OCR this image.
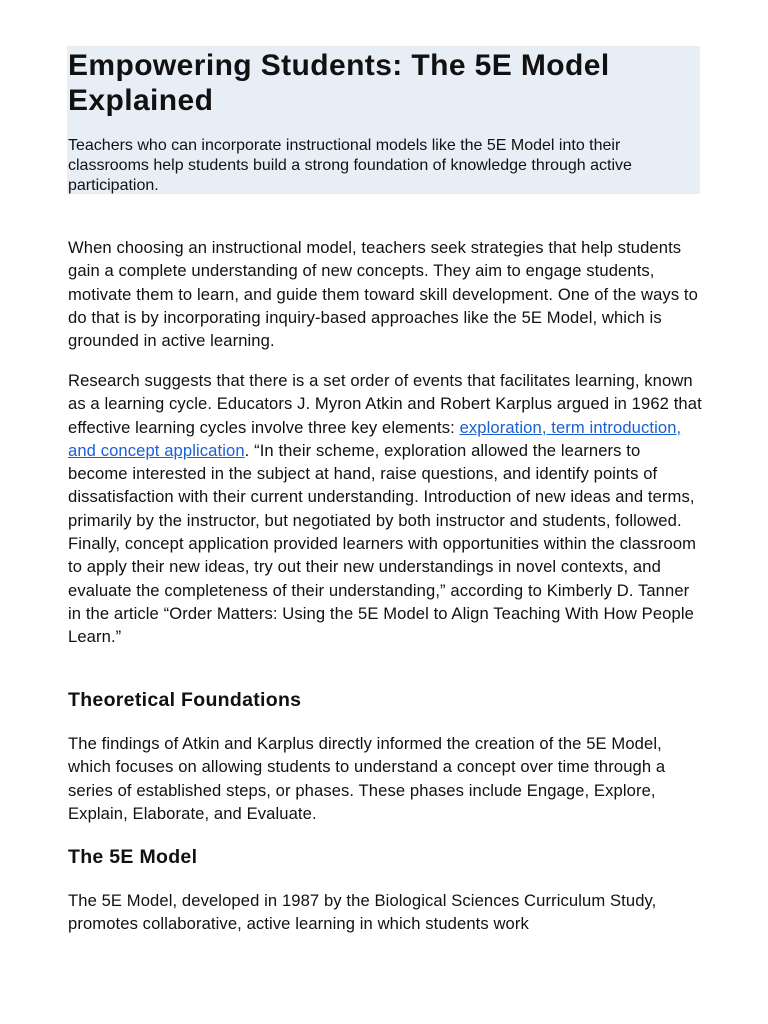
Empowering Students: The 5E Model Explained

Teachers who can incorporate instructional models like the 5E Model into their classrooms help students build a strong foundation of knowledge through active participation.

When choosing an instructional model, teachers seek strategies that help students gain a complete understanding of new concepts. They aim to engage students, motivate them to learn, and guide them toward skill development. One of the ways to do that is by incorporating inquiry-based approaches like the 5E Model, which is grounded in active learning.

Research suggests that there is a set order of events that facilitates learning, known as a learning cycle. Educators J. Myron Atkin and Robert Karplus argued in 1962 that effective learning cycles involve three key elements: exploration, term introduction, and concept application. “In their scheme, exploration allowed the learners to become interested in the subject at hand, raise questions, and identify points of dissatisfaction with their current understanding. Introduction of new ideas and terms, primarily by the instructor, but negotiated by both instructor and students, followed. Finally, concept application provided learners with opportunities within the classroom to apply their new ideas, try out their new understandings in novel contexts, and evaluate the completeness of their understanding,” according to Kimberly D. Tanner in the article “Order Matters: Using the 5E Model to Align Teaching With How People Learn.”

Theoretical Foundations

The findings of Atkin and Karplus directly informed the creation of the 5E Model, which focuses on allowing students to understand a concept over time through a series of established steps, or phases. These phases include Engage, Explore, Explain, Elaborate, and Evaluate.

The 5E Model

The 5E Model, developed in 1987 by the Biological Sciences Curriculum Study, promotes collaborative, active learning in which students work
